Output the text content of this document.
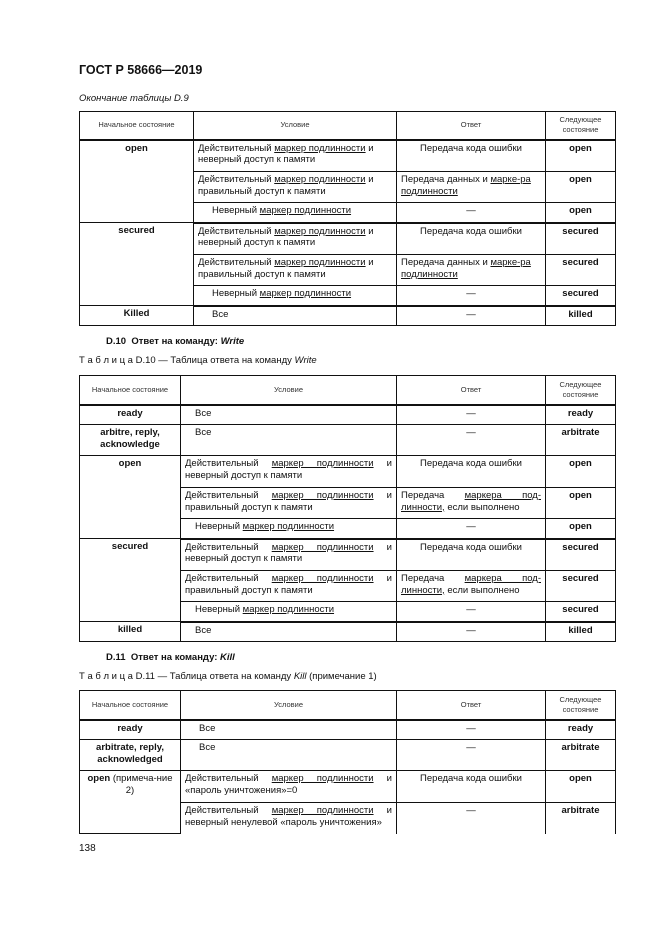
ГОСТ Р 58666—2019
Окончание таблицы D.9
Начальное состояние	Условие	Ответ	Следующее состояние
open	Действительный маркер подлинности и неверный доступ к памяти	Передача кода ошибки	open
	Действительный маркер подлинности и правильный доступ к памяти	Передача данных и марке-ра подлинности	open
	Неверный маркер подлинности	—	open
secured	Действительный маркер подлинности и неверный доступ к памяти	Передача кода ошибки	secured
	Действительный маркер подлинности и правильный доступ к памяти	Передача данных и марке-ра подлинности	secured
	Неверный маркер подлинности	—	secured
Killed	Все	—	killed
D.10 Ответ на команду: Write
Т а б л и ц а D.10 — Таблица ответа на команду Write
Начальное состояние	Условие	Ответ	Следующее состояние
ready	Все	—	ready
arbitre, reply, acknowledge	Все	—	arbitrate
open	Действительный маркер подлинности и неверный доступ к памяти	Передача кода ошибки	open
	Действительный маркер подлинности и правильный доступ к памяти	Передача маркера под-линности, если выполнено	open
	Неверный маркер подлинности	—	open
secured	Действительный маркер подлинности и неверный доступ к памяти	Передача кода ошибки	secured
	Действительный маркер подлинности и правильный доступ к памяти	Передача маркера под-линности, если выполнено	secured
	Неверный маркер подлинности	—	secured
killed	Все	—	killed
D.11 Ответ на команду: Kill
Т а б л и ц а D.11 — Таблица ответа на команду Kill (примечание 1)
Начальное состояние	Условие	Ответ	Следующее состояние
ready	Все	—	ready
arbitrate, reply, acknowledged	Все	—	arbitrate
open (примеча-ние 2)	Действительный маркер подлинности и «пароль уничтожения»=0	Передача кода ошибки	open
	Действительный маркер подлинности и неверный ненулевой «пароль уничтожения»	—	arbitrate
138
